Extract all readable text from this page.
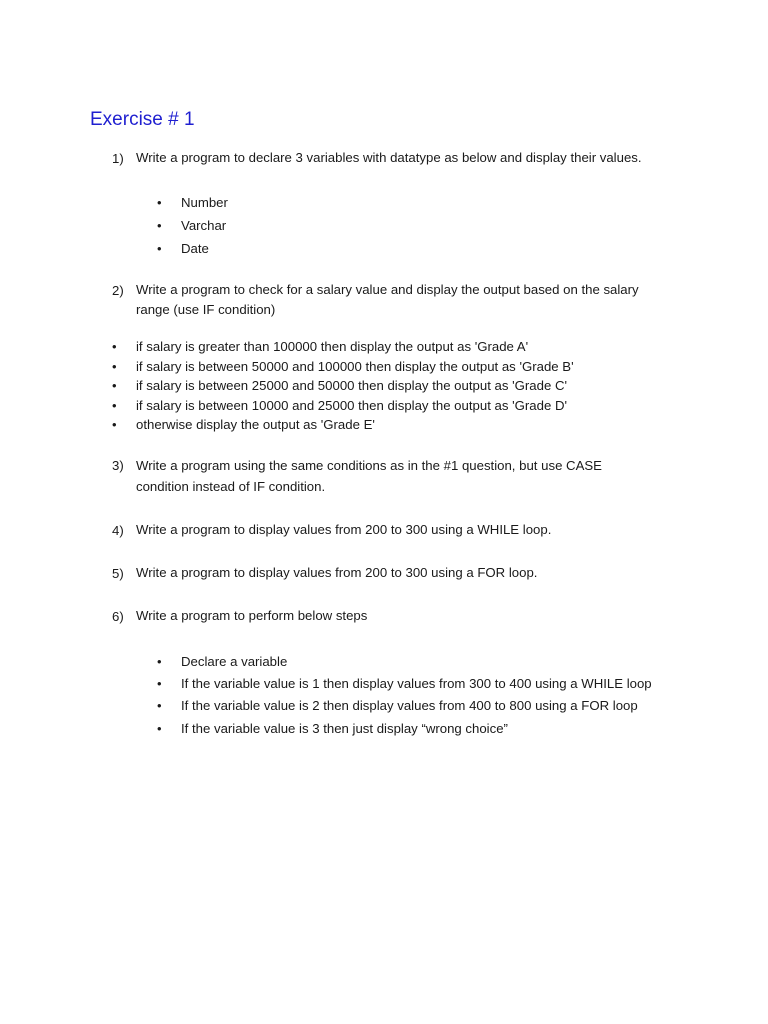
Exercise # 1
1) Write a program to declare 3 variables with datatype as below and display their values.
• Number
• Varchar
• Date
2) Write a program to check for a salary value and display the output based on the salary range (use IF condition)
• if salary is greater than 100000 then display the output as 'Grade A'
• if salary is between 50000 and 100000 then display the output as 'Grade B'
• if salary is between 25000 and 50000 then display the output as 'Grade C'
• if salary is between 10000 and 25000 then display the output as 'Grade D'
• otherwise display the output as 'Grade E'
3) Write a program using the same conditions as in the #1 question, but use CASE condition instead of IF condition.
4) Write a program to display values from 200 to 300 using a WHILE loop.
5) Write a program to display values from 200 to 300 using a FOR loop.
6) Write a program to perform below steps
• Declare a variable
• If the variable value is 1 then display values from 300 to 400 using a WHILE loop
• If the variable value is 2 then display values from 400 to 800 using a FOR loop
• If the variable value is 3 then just display “wrong choice”
